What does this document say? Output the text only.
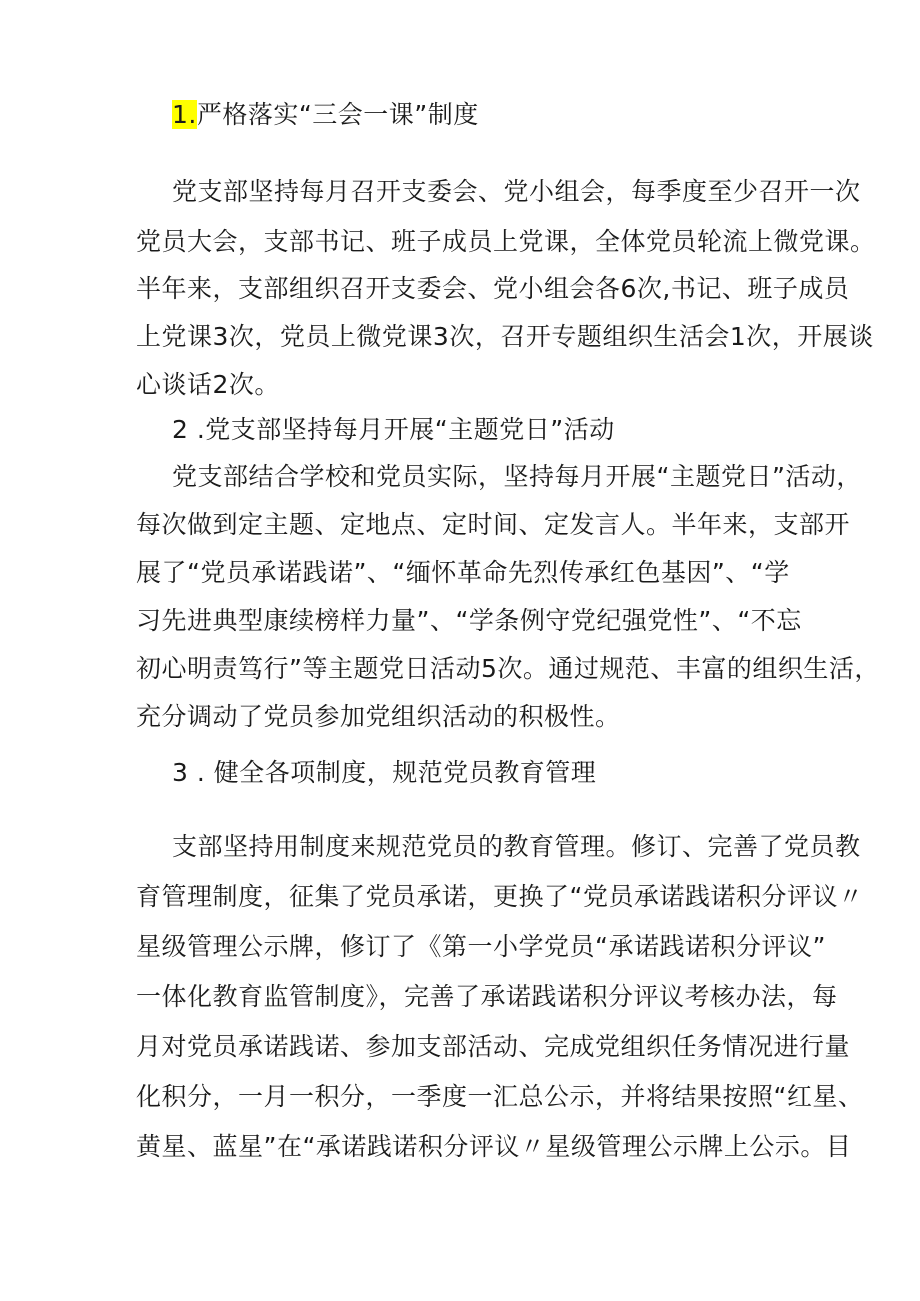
1.严格落实“三会一课”制度
党支部坚持每月召开支委会、党小组会，每季度至少召开一次
党员大会，支部书记、班子成员上党课，全体党员轮流上微党课。
半年来，支部组织召开支委会、党小组会各6次,书记、班子成员
上党课3次，党员上微党课3次，召开专题组织生活会1次，开展谈
心谈话2次。
2 .党支部坚持每月开展“主题党日”活动
党支部结合学校和党员实际，坚持每月开展“主题党日”活动，
每次做到定主题、定地点、定时间、定发言人。半年来，支部开
展了“党员承诺践诺”、“缅怀革命先烈传承红色基因”、“学
习先进典型康续榜样力量”、“学条例守党纪强党性”、“不忘
初心明责笃行”等主题党日活动5次。通过规范、丰富的组织生活，
充分调动了党员参加党组织活动的积极性。
3 . 健全各项制度，规范党员教育管理
支部坚持用制度来规范党员的教育管理。修订、完善了党员教
育管理制度，征集了党员承诺，更换了“党员承诺践诺积分评议〃
星级管理公示牌，修订了《第一小学党员“承诺践诺积分评议”
一体化教育监管制度》，完善了承诺践诺积分评议考核办法，每
月对党员承诺践诺、参加支部活动、完成党组织任务情况进行量
化积分，一月一积分，一季度一汇总公示，并将结果按照“红星、
黄星、蓝星”在“承诺践诺积分评议〃星级管理公示牌上公示。目
